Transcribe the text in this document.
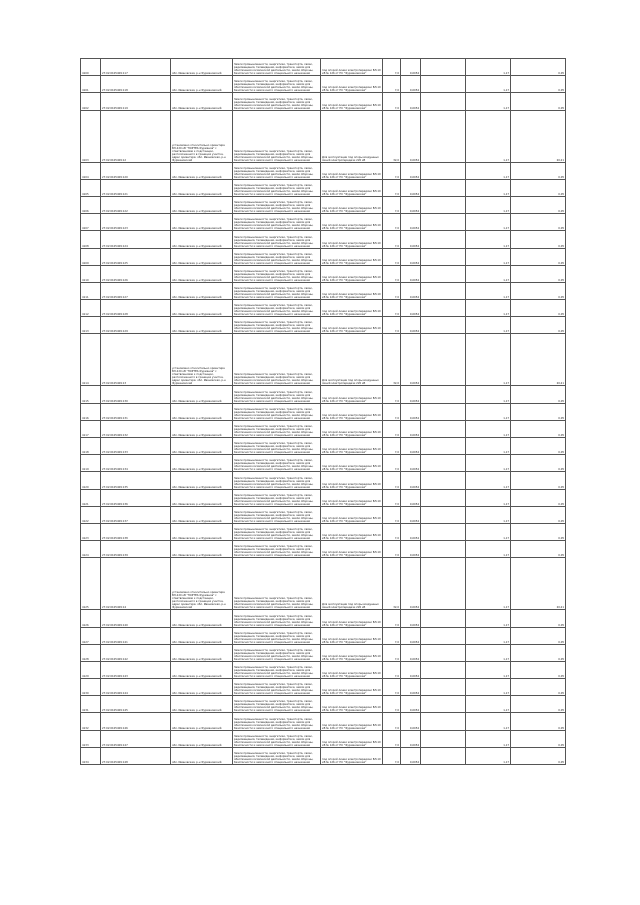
4100	27:02:0105409:117	обл. Ивановская, р-н Фурмановский	Земли промышленности, энергетики, транспорта, связи, радиовещания, телевидения, информатики, земли для обеспечения космической деятельности, земли обороны, безопасности и земли иного специального назначения	под опорой линии электропередачи ВЛ-10 кВ № 126 от ПС "Фурмановская"	7,0	0,0054		1,17	0,05
4101	27:02:0105409:118	обл. Ивановская, р-н Фурмановский	Земли промышленности, энергетики, транспорта, связи, радиовещания, телевидения, информатики, земли для обеспечения космической деятельности, земли обороны, безопасности и земли иного специального назначения	под опорой линии электропередачи ВЛ-10 кВ № 126 от ПС "Фурмановская"	7,0	0,0054		1,17	0,05
4102	27:02:0105409:119	обл. Ивановская, р-н Фурмановский	Земли промышленности, энергетики, транспорта, связи, радиовещания, телевидения, информатики, земли для обеспечения космической деятельности, земли обороны, безопасности и земли иного специального назначения	под опорой линии электропередачи ВЛ-10 кВ № 126 от ПС "Фурмановская"	7,0	0,0054		1,17	0,05
4103	27:02:0105409:12	установлено относительно ориентира ВЛ-220 кВ "НОРТЕК-Фурманов" с ответвлениями к подстанции, расположенного в границах участка, адрес ориентира: обл. Ивановская, р-н Фурмановский	Земли промышленности, энергетики, транспорта, связи, радиовещания, телевидения, информатики, земли для обеспечения космической деятельности, земли обороны, безопасности и земли иного специального назначения	Для эксплуатации под опоры воздушных линий электропередачи 220 кВ	32,0	0,0054		1,17	20,21
4104	27:02:0105409:120	обл. Ивановская, р-н Фурмановский	Земли промышленности, энергетики, транспорта, связи, радиовещания, телевидения, информатики, земли для обеспечения космической деятельности, земли обороны, безопасности и земли иного специального назначения	под опорой линии электропередачи ВЛ-10 кВ № 126 от ПС "Фурмановская"	7,0	0,0054		1,17	0,05
4105	27:02:0105409:121	обл. Ивановская, р-н Фурмановский	Земли промышленности, энергетики, транспорта, связи, радиовещания, телевидения, информатики, земли для обеспечения космической деятельности, земли обороны, безопасности и земли иного специального назначения	под опорой линии электропередачи ВЛ-10 кВ № 126 от ПС "Фурмановская"	7,0	0,0054		1,17	0,05
4106	27:02:0105409:122	обл. Ивановская, р-н Фурмановский	Земли промышленности, энергетики, транспорта, связи, радиовещания, телевидения, информатики, земли для обеспечения космической деятельности, земли обороны, безопасности и земли иного специального назначения	под опорой линии электропередачи ВЛ-10 кВ № 126 от ПС "Фурмановская"	7,0	0,0054		1,17	0,05
4107	27:02:0105409:123	обл. Ивановская, р-н Фурмановский	Земли промышленности, энергетики, транспорта, связи, радиовещания, телевидения, информатики, земли для обеспечения космической деятельности, земли обороны, безопасности и земли иного специального назначения	под опорой линии электропередачи ВЛ-10 кВ № 126 от ПС "Фурмановская"	7,0	0,0054		1,17	0,05
4108	27:02:0105409:124	обл. Ивановская, р-н Фурмановский	Земли промышленности, энергетики, транспорта, связи, радиовещания, телевидения, информатики, земли для обеспечения космической деятельности, земли обороны, безопасности и земли иного специального назначения	под опорой линии электропередачи ВЛ-10 кВ № 126 от ПС "Фурмановская"	7,0	0,0054		1,17	0,05
4109	27:02:0105409:125	обл. Ивановская, р-н Фурмановский	Земли промышленности, энергетики, транспорта, связи, радиовещания, телевидения, информатики, земли для обеспечения космической деятельности, земли обороны, безопасности и земли иного специального назначения	под опорой линии электропередачи ВЛ-10 кВ № 126 от ПС "Фурмановская"	7,0	0,0054		1,17	0,05
4110	27:02:0105409:126	обл. Ивановская, р-н Фурмановский	Земли промышленности, энергетики, транспорта, связи, радиовещания, телевидения, информатики, земли для обеспечения космической деятельности, земли обороны, безопасности и земли иного специального назначения	под опорой линии электропередачи ВЛ-10 кВ № 126 от ПС "Фурмановская"	7,0	0,0054		1,17	0,05
4111	27:02:0105409:127	обл. Ивановская, р-н Фурмановский	Земли промышленности, энергетики, транспорта, связи, радиовещания, телевидения, информатики, земли для обеспечения космической деятельности, земли обороны, безопасности и земли иного специального назначения	под опорой линии электропередачи ВЛ-10 кВ № 126 от ПС "Фурмановская"	7,0	0,0054		1,17	0,05
4112	27:02:0105409:128	обл. Ивановская, р-н Фурмановский	Земли промышленности, энергетики, транспорта, связи, радиовещания, телевидения, информатики, земли для обеспечения космической деятельности, земли обороны, безопасности и земли иного специального назначения	под опорой линии электропередачи ВЛ-10 кВ № 126 от ПС "Фурмановская"	7,0	0,0054		1,17	0,05
4113	27:02:0105409:129	обл. Ивановская, р-н Фурмановский	Земли промышленности, энергетики, транспорта, связи, радиовещания, телевидения, информатики, земли для обеспечения космической деятельности, земли обороны, безопасности и земли иного специального назначения	под опорой линии электропередачи ВЛ-10 кВ № 126 от ПС "Фурмановская"	7,0	0,0054		1,17	0,05
4114	27:02:0105409:13	установлено относительно ориентира ВЛ-220 кВ "НОРТЕК-Фурманов" с ответвлениями к подстанции, расположенного в границах участка, адрес ориентира: обл. Ивановская, р-н Фурмановский	Земли промышленности, энергетики, транспорта, связи, радиовещания, телевидения, информатики, земли для обеспечения космической деятельности, земли обороны, безопасности и земли иного специального назначения	Для эксплуатации под опоры воздушных линий электропередачи 220 кВ	32,0	0,0054		1,17	20,21
4115	27:02:0105409:130	обл. Ивановская, р-н Фурмановский	Земли промышленности, энергетики, транспорта, связи, радиовещания, телевидения, информатики, земли для обеспечения космической деятельности, земли обороны, безопасности и земли иного специального назначения	под опорой линии электропередачи ВЛ-10 кВ № 126 от ПС "Фурмановская"	7,0	0,0054		1,17	0,05
4116	27:02:0105409:131	обл. Ивановская, р-н Фурмановский	Земли промышленности, энергетики, транспорта, связи, радиовещания, телевидения, информатики, земли для обеспечения космической деятельности, земли обороны, безопасности и земли иного специального назначения	под опорой линии электропередачи ВЛ-10 кВ № 126 от ПС "Фурмановская"	7,0	0,0054		1,17	0,05
4117	27:02:0105409:132	обл. Ивановская, р-н Фурмановский	Земли промышленности, энергетики, транспорта, связи, радиовещания, телевидения, информатики, земли для обеспечения космической деятельности, земли обороны, безопасности и земли иного специального назначения	под опорой линии электропередачи ВЛ-10 кВ № 126 от ПС "Фурмановская"	7,0	0,0054		1,17	0,05
4118	27:02:0105409:133	обл. Ивановская, р-н Фурмановский	Земли промышленности, энергетики, транспорта, связи, радиовещания, телевидения, информатики, земли для обеспечения космической деятельности, земли обороны, безопасности и земли иного специального назначения	под опорой линии электропередачи ВЛ-10 кВ № 126 от ПС "Фурмановская"	7,0	0,0054		1,17	0,05
4119	27:02:0105409:134	обл. Ивановская, р-н Фурмановский	Земли промышленности, энергетики, транспорта, связи, радиовещания, телевидения, информатики, земли для обеспечения космической деятельности, земли обороны, безопасности и земли иного специального назначения	под опорой линии электропередачи ВЛ-10 кВ № 126 от ПС "Фурмановская"	7,0	0,0054		1,17	0,05
4120	27:02:0105409:135	обл. Ивановская, р-н Фурмановский	Земли промышленности, энергетики, транспорта, связи, радиовещания, телевидения, информатики, земли для обеспечения космической деятельности, земли обороны, безопасности и земли иного специального назначения	под опорой линии электропередачи ВЛ-10 кВ № 126 от ПС "Фурмановская"	7,0	0,0054		1,17	0,05
4121	27:02:0105409:136	обл. Ивановская, р-н Фурмановский	Земли промышленности, энергетики, транспорта, связи, радиовещания, телевидения, информатики, земли для обеспечения космической деятельности, земли обороны, безопасности и земли иного специального назначения	под опорой линии электропередачи ВЛ-10 кВ № 126 от ПС "Фурмановская"	7,0	0,0054		1,17	0,05
4122	27:02:0105409:137	обл. Ивановская, р-н Фурмановский	Земли промышленности, энергетики, транспорта, связи, радиовещания, телевидения, информатики, земли для обеспечения космической деятельности, земли обороны, безопасности и земли иного специального назначения	под опорой линии электропередачи ВЛ-10 кВ № 126 от ПС "Фурмановская"	7,0	0,0054		1,17	0,05
4123	27:02:0105409:138	обл. Ивановская, р-н Фурмановский	Земли промышленности, энергетики, транспорта, связи, радиовещания, телевидения, информатики, земли для обеспечения космической деятельности, земли обороны, безопасности и земли иного специального назначения	под опорой линии электропередачи ВЛ-10 кВ № 126 от ПС "Фурмановская"	7,0	0,0054		1,17	0,05
4124	27:02:0105409:139	обл. Ивановская, р-н Фурмановский	Земли промышленности, энергетики, транспорта, связи, радиовещания, телевидения, информатики, земли для обеспечения космической деятельности, земли обороны, безопасности и земли иного специального назначения	под опорой линии электропередачи ВЛ-10 кВ № 126 от ПС "Фурмановская"	7,0	0,0054		1,17	0,05
4125	27:02:0105409:14	установлено относительно ориентира ВЛ-220 кВ "НОРТЕК-Фурманов" с ответвлениями к подстанции, расположенного в границах участка, адрес ориентира: обл. Ивановская, р-н Фурмановский	Земли промышленности, энергетики, транспорта, связи, радиовещания, телевидения, информатики, земли для обеспечения космической деятельности, земли обороны, безопасности и земли иного специального назначения	Для эксплуатации под опоры воздушных линий электропередачи 220 кВ	32,0	0,0054		1,17	20,21
4126	27:02:0105409:140	обл. Ивановская, р-н Фурмановский	Земли промышленности, энергетики, транспорта, связи, радиовещания, телевидения, информатики, земли для обеспечения космической деятельности, земли обороны, безопасности и земли иного специального назначения	под опорой линии электропередачи ВЛ-10 кВ № 126 от ПС "Фурмановская"	7,0	0,0054		1,17	0,05
4127	27:02:0105409:141	обл. Ивановская, р-н Фурмановский	Земли промышленности, энергетики, транспорта, связи, радиовещания, телевидения, информатики, земли для обеспечения космической деятельности, земли обороны, безопасности и земли иного специального назначения	под опорой линии электропередачи ВЛ-10 кВ № 126 от ПС "Фурмановская"	7,0	0,0054		1,17	0,05
4128	27:02:0105409:142	обл. Ивановская, р-н Фурмановский	Земли промышленности, энергетики, транспорта, связи, радиовещания, телевидения, информатики, земли для обеспечения космической деятельности, земли обороны, безопасности и земли иного специального назначения	под опорой линии электропередачи ВЛ-10 кВ № 126 от ПС "Фурмановская"	7,0	0,0054		1,17	0,05
4129	27:02:0105409:143	обл. Ивановская, р-н Фурмановский	Земли промышленности, энергетики, транспорта, связи, радиовещания, телевидения, информатики, земли для обеспечения космической деятельности, земли обороны, безопасности и земли иного специального назначения	под опорой линии электропередачи ВЛ-10 кВ № 126 от ПС "Фурмановская"	7,0	0,0054		1,17	0,05
4130	27:02:0105409:144	обл. Ивановская, р-н Фурмановский	Земли промышленности, энергетики, транспорта, связи, радиовещания, телевидения, информатики, земли для обеспечения космической деятельности, земли обороны, безопасности и земли иного специального назначения	под опорой линии электропередачи ВЛ-10 кВ № 126 от ПС "Фурмановская"	7,0	0,0054		1,17	0,05
4131	27:02:0105409:145	обл. Ивановская, р-н Фурмановский	Земли промышленности, энергетики, транспорта, связи, радиовещания, телевидения, информатики, земли для обеспечения космической деятельности, земли обороны, безопасности и земли иного специального назначения	под опорой линии электропередачи ВЛ-10 кВ № 126 от ПС "Фурмановская"	7,0	0,0054		1,17	0,05
4132	27:02:0105409:146	обл. Ивановская, р-н Фурмановский	Земли промышленности, энергетики, транспорта, связи, радиовещания, телевидения, информатики, земли для обеспечения космической деятельности, земли обороны, безопасности и земли иного специального назначения	под опорой линии электропередачи ВЛ-10 кВ № 126 от ПС "Фурмановская"	7,0	0,0054		1,17	0,05
4133	27:02:0105409:147	обл. Ивановская, р-н Фурмановский	Земли промышленности, энергетики, транспорта, связи, радиовещания, телевидения, информатики, земли для обеспечения космической деятельности, земли обороны, безопасности и земли иного специального назначения	под опорой линии электропередачи ВЛ-10 кВ № 126 от ПС "Фурмановская"	7,0	0,0054		1,17	0,05
4134	27:02:0105409:148	обл. Ивановская, р-н Фурмановский	Земли промышленности, энергетики, транспорта, связи, радиовещания, телевидения, информатики, земли для обеспечения космической деятельности, земли обороны, безопасности и земли иного специального назначения	под опорой линии электропередачи ВЛ-10 кВ № 126 от ПС "Фурмановская"	7,0	0,0054		1,17	0,05
